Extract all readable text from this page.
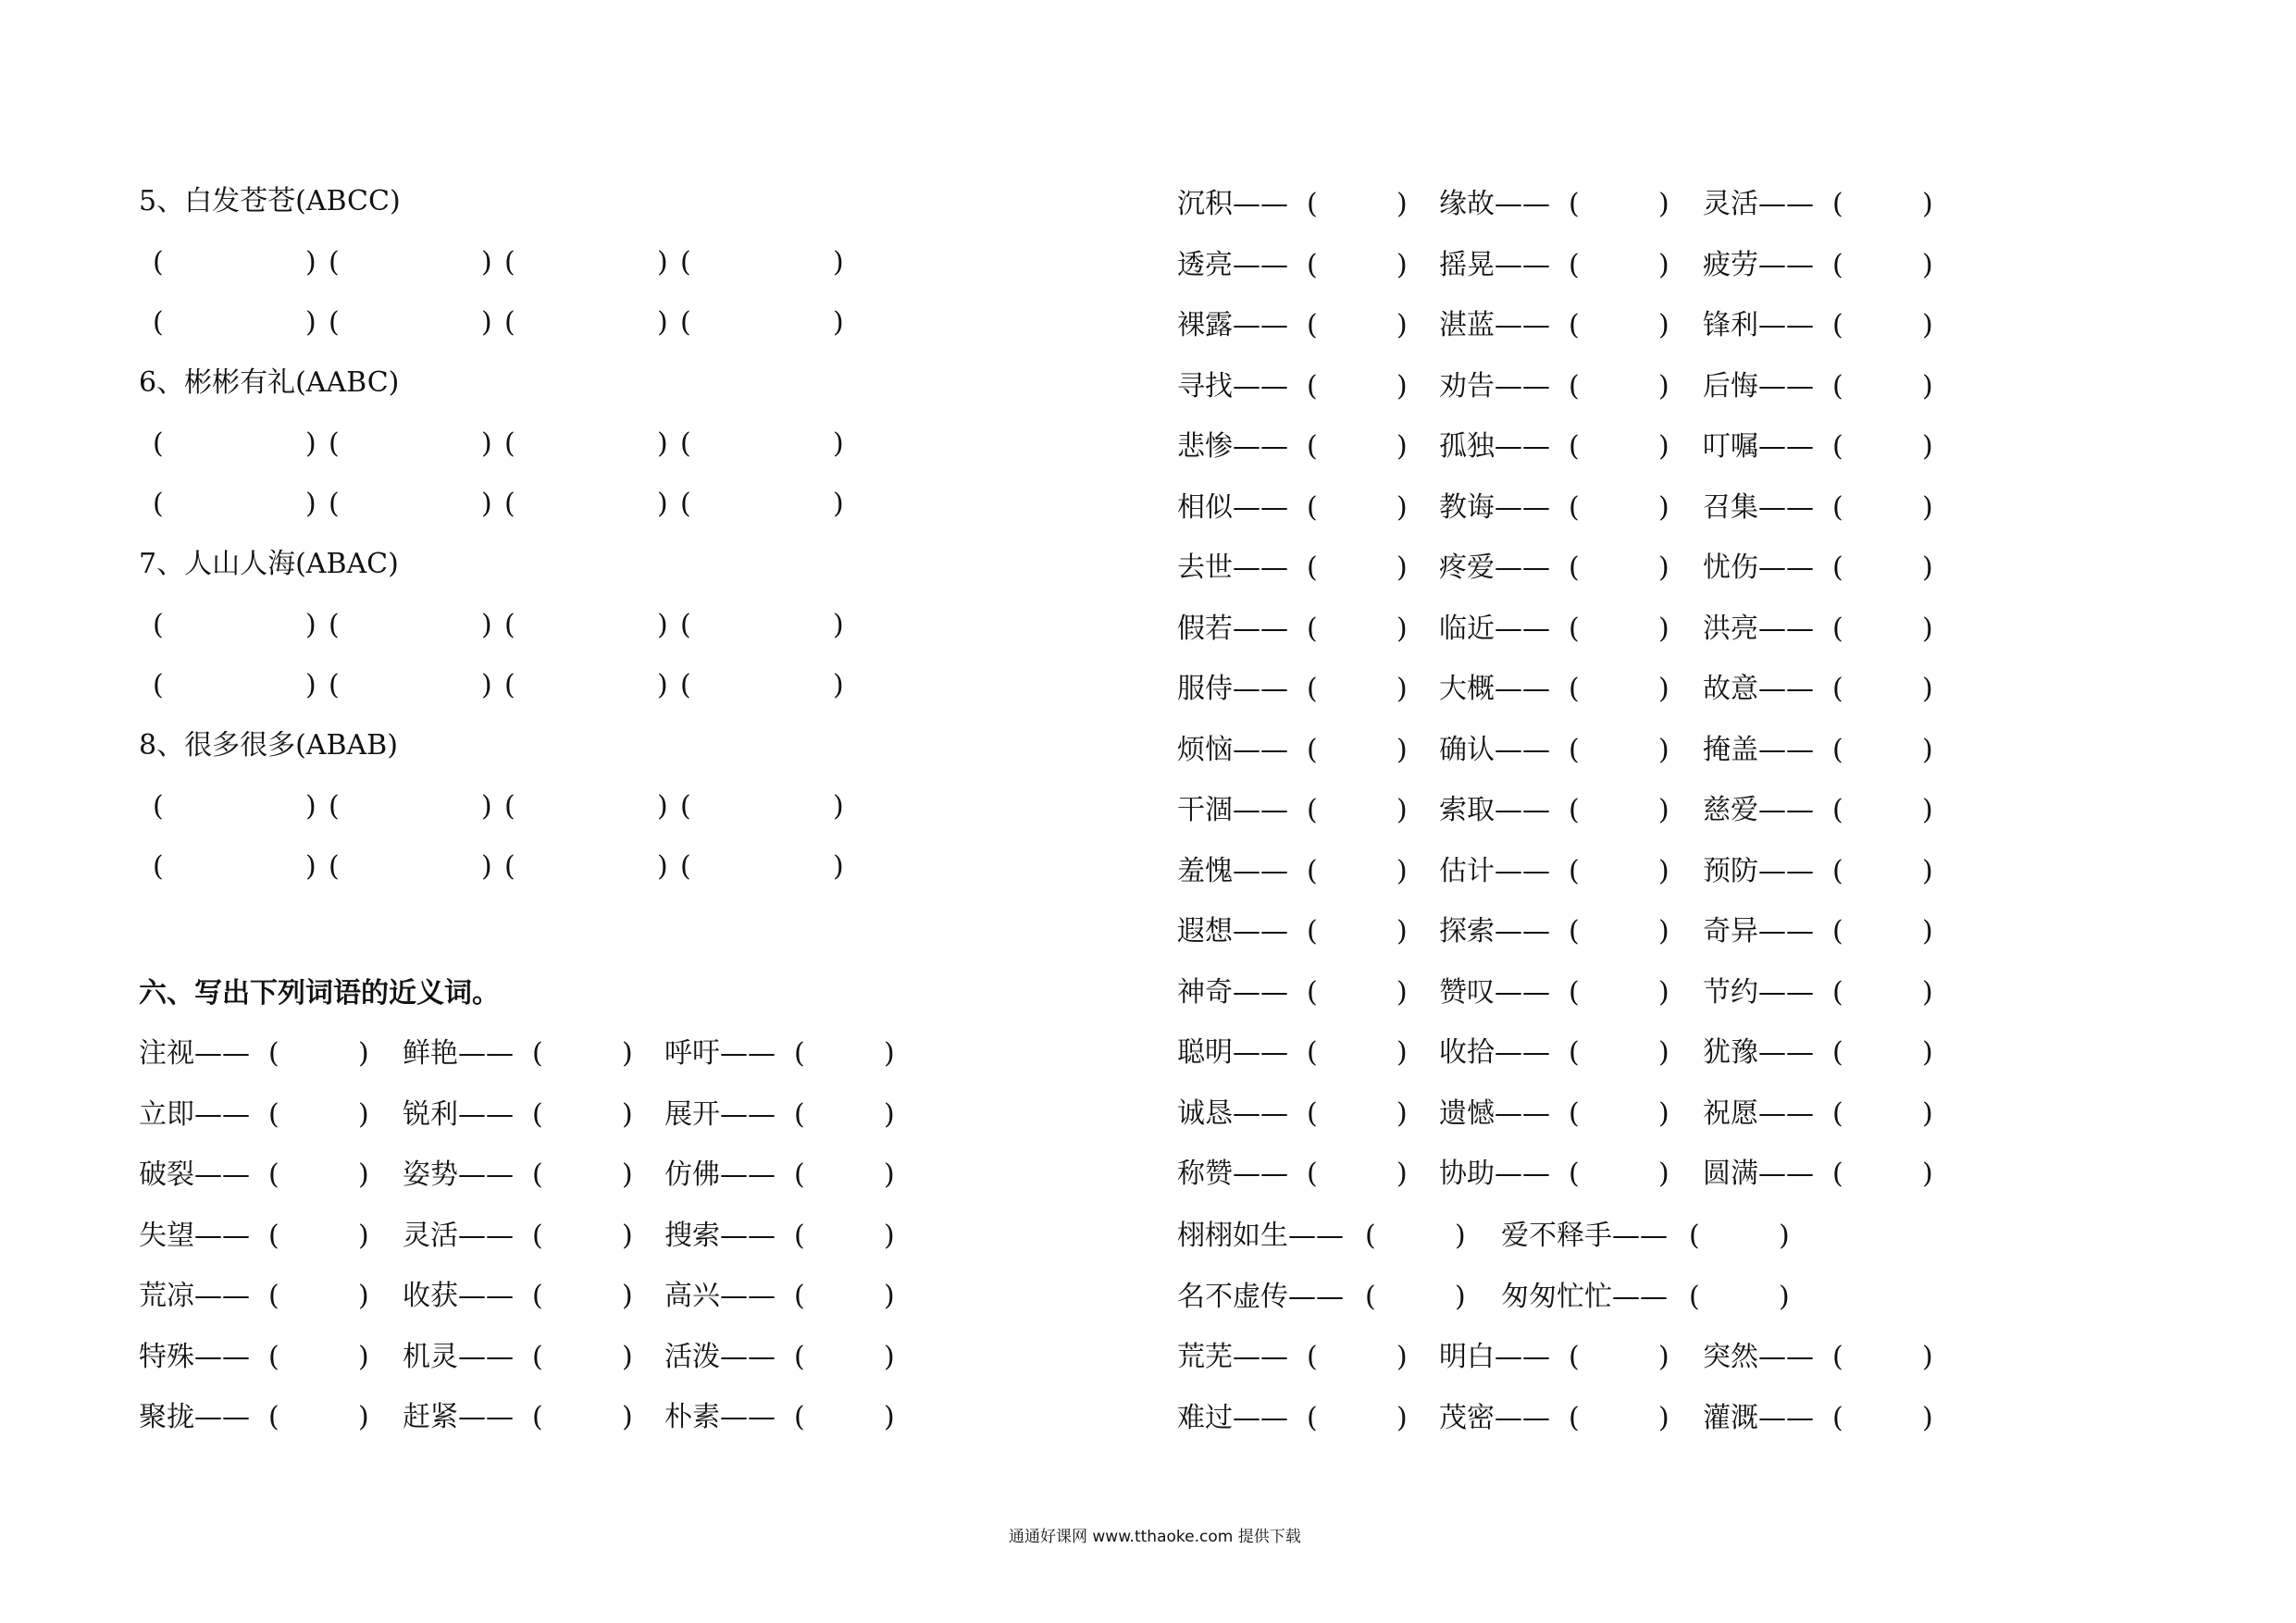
5、白发苍苍(ABCC)
(	) (	) (	) (	)
(	) (	) (	) (	)
6、彬彬有礼(AABC)
(	) (	) (	) (	)
(	) (	) (	) (	)
7、人山人海(ABAC)
(	) (	) (	) (	)
(	) (	) (	) (	)
8、很多很多(ABAB)
(	) (	) (	) (	)
(	) (	) (	) (	)
六、写出下列词语的近义词。
注视—— (	) 鲜艳—— (	) 呼吁—— (	)
立即—— (	) 锐利—— (	) 展开—— (	)
破裂—— (	) 姿势—— (	) 仿佛—— (	)
失望—— (	) 灵活—— (	) 搜索—— (	)
荒凉—— (	) 收获—— (	) 高兴—— (	)
特殊—— (	) 机灵—— (	) 活泼—— (	)
聚拢—— (	) 赶紧—— (	) 朴素—— (	)
沉积—— (	) 缘故—— (	) 灵活—— (	)
透亮—— (	) 摇晃—— (	) 疲劳—— (	)
裸露—— (	) 湛蓝—— (	) 锋利—— (	)
寻找—— (	) 劝告—— (	) 后悔—— (	)
悲惨—— (	) 孤独—— (	) 叮嘱—— (	)
相似—— (	) 教诲—— (	) 召集—— (	)
去世—— (	) 疼爱—— (	) 忧伤—— (	)
假若—— (	) 临近—— (	) 洪亮—— (	)
服侍—— (	) 大概—— (	) 故意—— (	)
烦恼—— (	) 确认—— (	) 掩盖—— (	)
干涸—— (	) 索取—— (	) 慈爱—— (	)
羞愧—— (	) 估计—— (	) 预防—— (	)
遐想—— (	) 探索—— (	) 奇异—— (	)
神奇—— (	) 赞叹—— (	) 节约—— (	)
聪明—— (	) 收拾—— (	) 犹豫—— (	)
诚恳—— (	) 遗憾—— (	) 祝愿—— (	)
称赞—— (	) 协助—— (	) 圆满—— (	)
栩栩如生—— (	) 爱不释手—— (	)
名不虚传—— (	) 匆匆忙忙—— (	)
荒芜—— (	) 明白—— (	) 突然—— (	)
难过—— (	) 茂密—— (	) 灌溉—— (	)
通通好课网 www.tthaoke.com 提供下载
